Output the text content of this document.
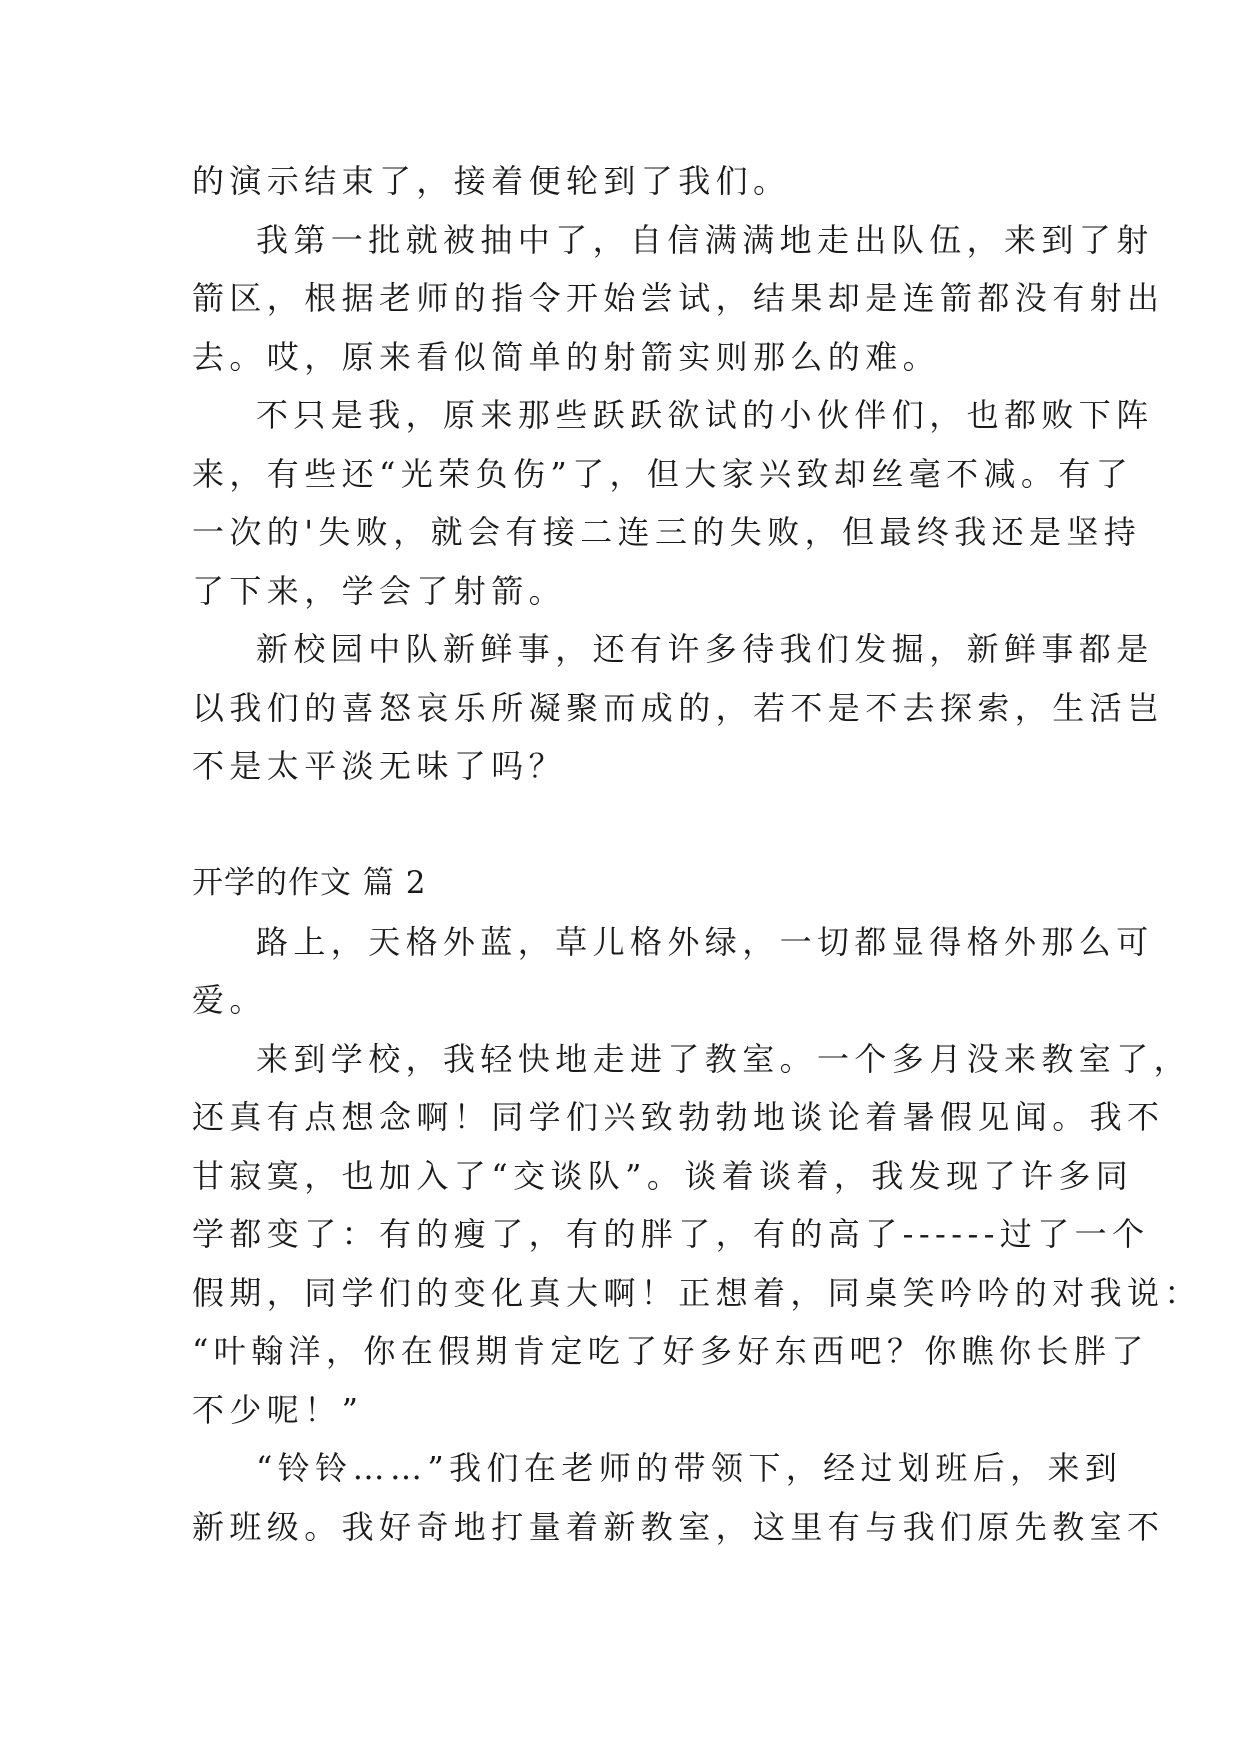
的演示结束了，接着便轮到了我们。
我第一批就被抽中了，自信满满地走出队伍，来到了射
箭区，根据老师的指令开始尝试，结果却是连箭都没有射出
去。哎，原来看似简单的射箭实则那么的难。
不只是我，原来那些跃跃欲试的小伙伴们，也都败下阵
来，有些还“光荣负伤”了，但大家兴致却丝毫不减。有了
一次的'失败，就会有接二连三的失败，但最终我还是坚持
了下来，学会了射箭。
新校园中队新鲜事，还有许多待我们发掘，新鲜事都是
以我们的喜怒哀乐所凝聚而成的，若不是不去探索，生活岂
不是太平淡无味了吗？
开学的作文 篇 2
路上，天格外蓝，草儿格外绿，一切都显得格外那么可
爱。
来到学校，我轻快地走进了教室。一个多月没来教室了，
还真有点想念啊！同学们兴致勃勃地谈论着暑假见闻。我不
甘寂寞，也加入了“交谈队”。谈着谈着，我发现了许多同
学都变了：有的瘦了，有的胖了，有的高了------过了一个
假期，同学们的变化真大啊！正想着，同桌笑吟吟的对我说：
“叶翰洋，你在假期肯定吃了好多好东西吧？你瞧你长胖了
不少呢！”
“铃铃……”我们在老师的带领下，经过划班后，来到
新班级。我好奇地打量着新教室，这里有与我们原先教室不
